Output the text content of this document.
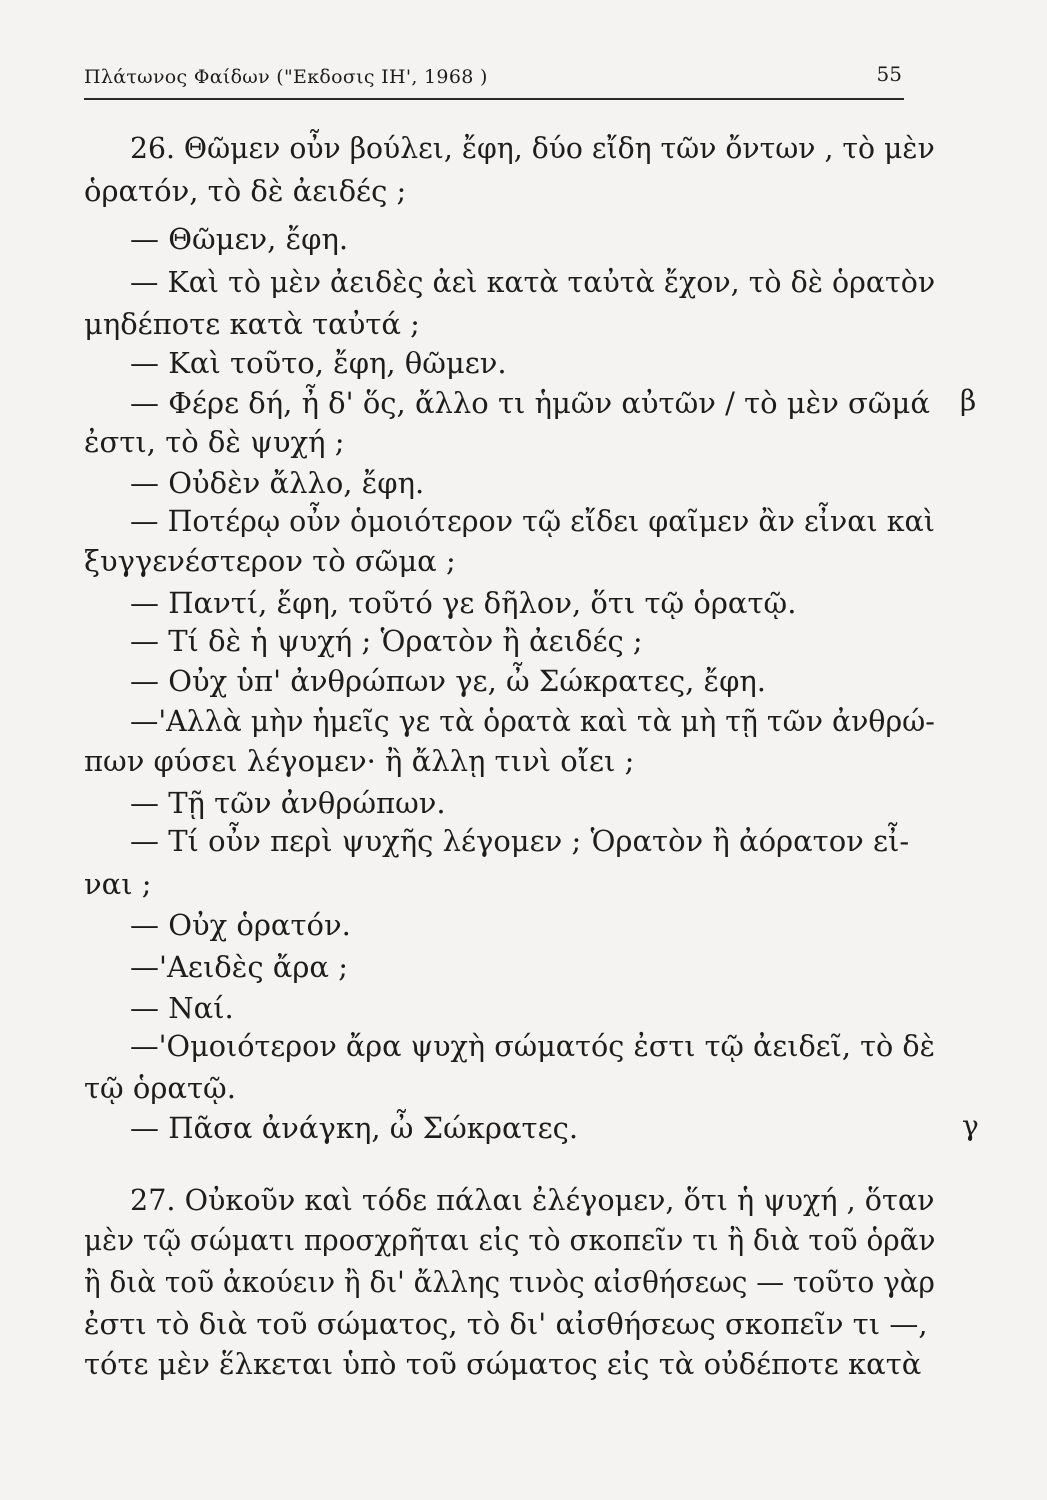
Πλάτωνος Φαίδων ("Εκδοσις ΙΗ', 1968 )	55
26. Θῶμεν οὖν βούλει, ἔφη, δύο εἴδη τῶν ὄντων , τὸ μὲν
ὁρατόν, τὸ δὲ ἀειδές ;
— Θῶμεν, ἔφη.
— Καὶ τὸ μὲν ἀειδὲς ἀεὶ κατὰ ταὐτὰ ἔχον, τὸ δὲ ὁρατὸν
μηδέποτε κατὰ ταὐτά ;
— Καὶ τοῦτο, ἔφη, θῶμεν.
— Φέρε δή, ἦ δ' ὅς, ἄλλο τι ἡμῶν αὐτῶν / τὸ μὲν σῶμά
ἐστι, τὸ δὲ ψυχή ;
— Οὐδὲν ἄλλο, ἔφη.
— Ποτέρῳ οὖν ὁμοιότερον τῷ εἴδει φαῖμεν ἂν εἶναι καὶ
ξυγγενέστερον τὸ σῶμα ;
— Παντί, ἔφη, τοῦτό γε δῆλον, ὅτι τῷ ὁρατῷ.
— Τί δὲ ἡ ψυχή ; Ὁρατὸν ἢ ἀειδές ;
— Οὐχ ὑπ' ἀνθρώπων γε, ὦ Σώκρατες, ἔφη.
—'Αλλὰ μὴν ἡμεῖς γε τὰ ὁρατὰ καὶ τὰ μὴ τῇ τῶν ἀνθρώ-
πων φύσει λέγομεν· ἢ ἄλλῃ τινὶ οἴει ;
— Τῇ τῶν ἀνθρώπων.
— Τί οὖν περὶ ψυχῆς λέγομεν ; Ὁρατὸν ἢ ἀόρατον εἶ-
ναι ;
— Οὐχ ὁρατόν.
—'Αειδὲς ἄρα ;
— Ναί.
—'Ομοιότερον ἄρα ψυχὴ σώματός ἐστι τῷ ἀειδεῖ, τὸ δὲ
τῷ ὁρατῷ.
— Πᾶσα ἀνάγκη, ὦ Σώκρατες.
27. Οὐκοῦν καὶ τόδε πάλαι ἐλέγομεν, ὅτι ἡ ψυχή , ὅταν
μὲν τῷ σώματι προσχρῆται εἰς τὸ σκοπεῖν τι ἢ διὰ τοῦ ὁρᾶν
ἢ διὰ τοῦ ἀκούειν ἢ δι' ἄλλης τινὸς αἰσθήσεως — τοῦτο γὰρ
ἐστι τὸ διὰ τοῦ σώματος, τὸ δι' αἰσθήσεως σκοπεῖν τι —,
τότε μὲν ἕλκεται ὑπὸ τοῦ σώματος εἰς τὰ οὐδέποτε κατὰ
β
γ
